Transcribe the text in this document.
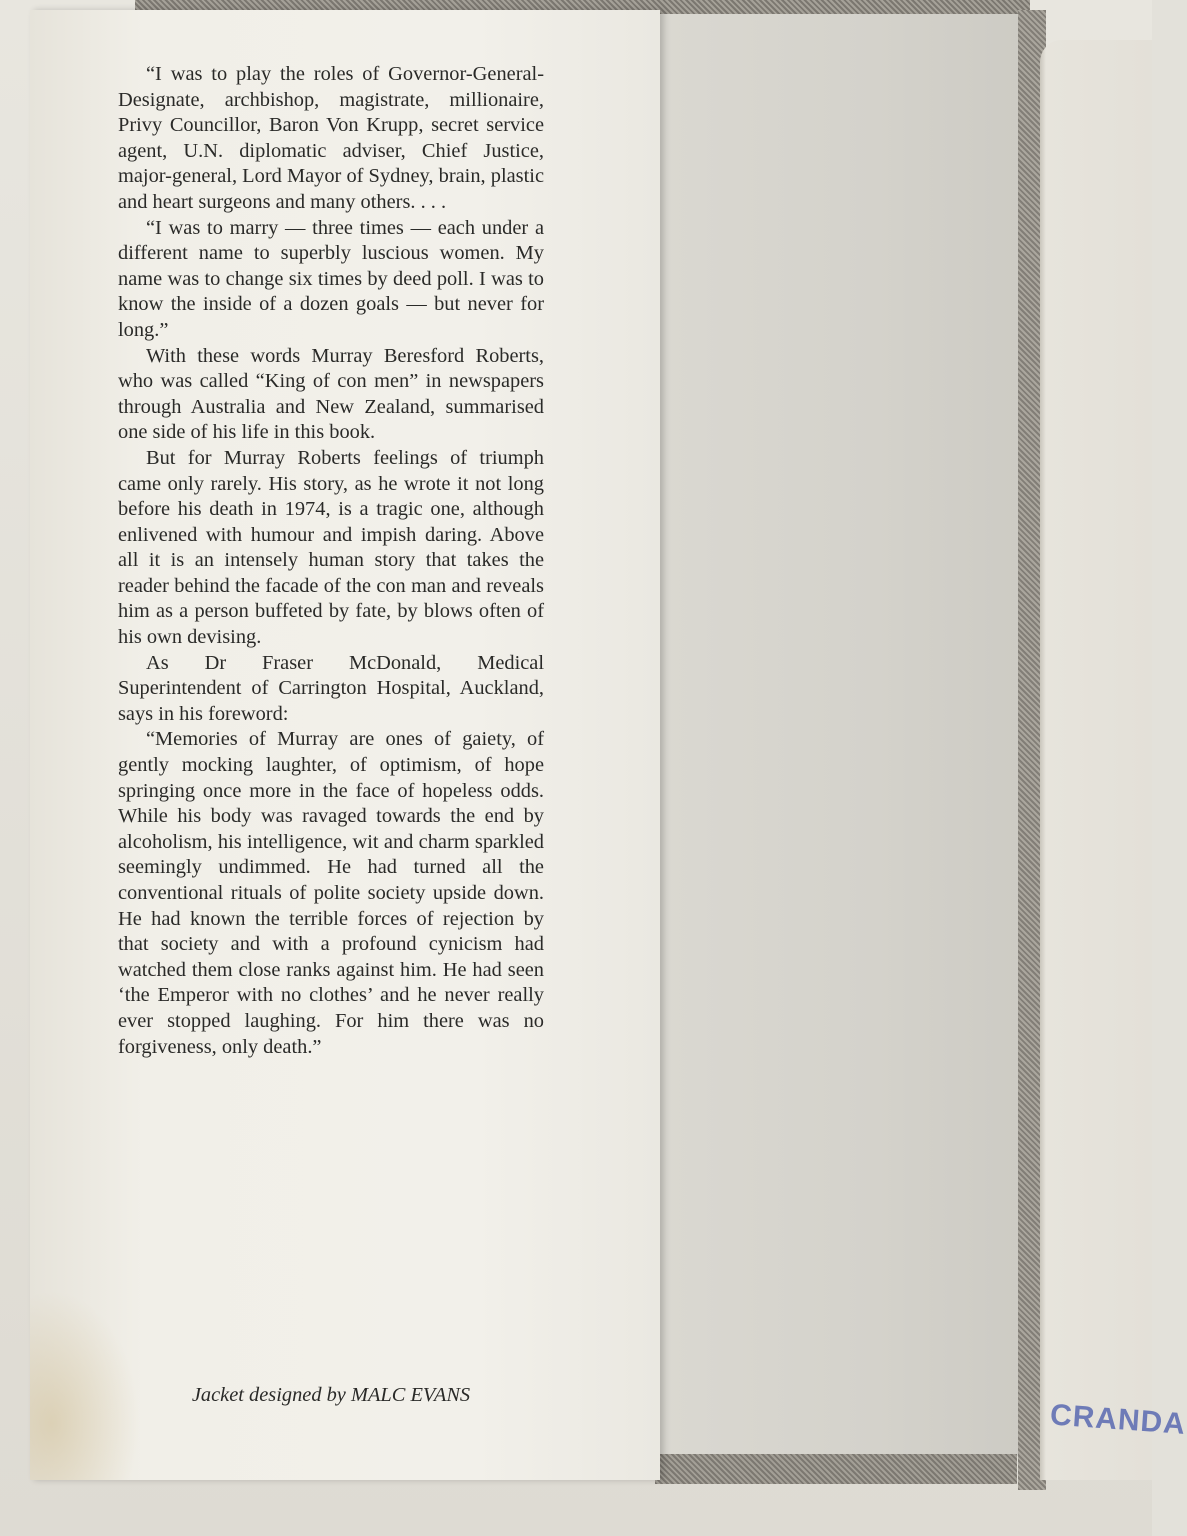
CRANDA

“I was to play the roles of Governor-General-Designate, archbishop, magistrate, millionaire, Privy Councillor, Baron Von Krupp, secret service agent, U.N. diplomatic adviser, Chief Justice, major-general, Lord Mayor of Sydney, brain, plastic and heart surgeons and many others. . . .

“I was to marry — three times — each under a different name to superbly luscious women. My name was to change six times by deed poll. I was to know the inside of a dozen goals — but never for long.”

With these words Murray Beresford Roberts, who was called “King of con men” in newspapers through Australia and New Zealand, summarised one side of his life in this book.

But for Murray Roberts feelings of triumph came only rarely. His story, as he wrote it not long before his death in 1974, is a tragic one, although enlivened with humour and impish daring. Above all it is an intensely human story that takes the reader behind the facade of the con man and reveals him as a person buffeted by fate, by blows often of his own devising.

As Dr Fraser McDonald, Medical Superintendent of Carrington Hospital, Auckland, says in his foreword:

“Memories of Murray are ones of gaiety, of gently mocking laughter, of optimism, of hope springing once more in the face of hopeless odds. While his body was ravaged towards the end by alcoholism, his intelligence, wit and charm sparkled seemingly undimmed. He had turned all the conventional rituals of polite society upside down. He had known the terrible forces of rejection by that society and with a profound cynicism had watched them close ranks against him. He had seen ‘the Emperor with no clothes’ and he never really ever stopped laughing. For him there was no forgiveness, only death.”

Jacket designed by MALC EVANS
